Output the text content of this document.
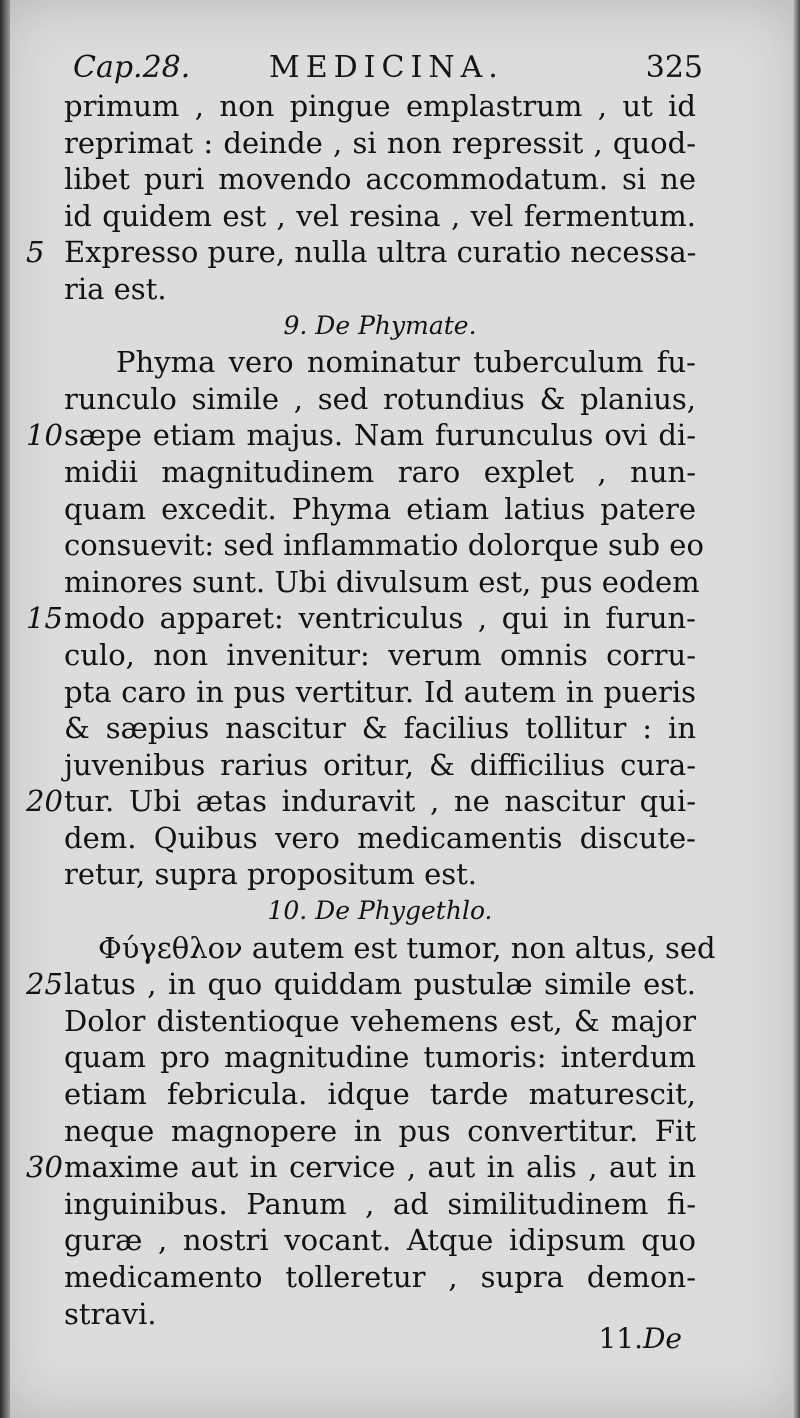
Cap.28.	MEDICINA.	325
primum , non pingue emplastrum , ut id
reprimat : deinde , si non repressit , quod-
libet puri movendo accommodatum. si ne
id quidem est , vel resina , vel fermentum.
5 Expresso pure, nulla ultra curatio necessa-
ria est.
9. De Phymate.
Phyma vero nominatur tuberculum fu-
runculo simile , sed rotundius & planius,
10 sæpe etiam majus. Nam furunculus ovi di-
midii magnitudinem raro explet , nun-
quam excedit. Phyma etiam latius patere
consuevit: sed inflammatio dolorque sub eo
minores sunt. Ubi divulsum est, pus eodem
15 modo apparet: ventriculus , qui in furun-
culo, non invenitur: verum omnis corru-
pta caro in pus vertitur. Id autem in pueris
& sæpius nascitur & facilius tollitur : in
juvenibus rarius oritur, & difficilius cura-
20 tur. Ubi ætas induravit , ne nascitur qui-
dem. Quibus vero medicamentis discute-
retur, supra propositum est.
10. De Phygethlo.
Φύγεθλον autem est tumor, non altus, sed
25 latus , in quo quiddam pustulæ simile est.
Dolor distentioque vehemens est, & major
quam pro magnitudine tumoris: interdum
etiam febricula. idque tarde maturescit,
neque magnopere in pus convertitur. Fit
30 maxime aut in cervice , aut in alis , aut in
inguinibus. Panum , ad similitudinem fi-
guræ , nostri vocant. Atque idipsum quo
medicamento tolleretur , supra demon-
stravi.
11.De
